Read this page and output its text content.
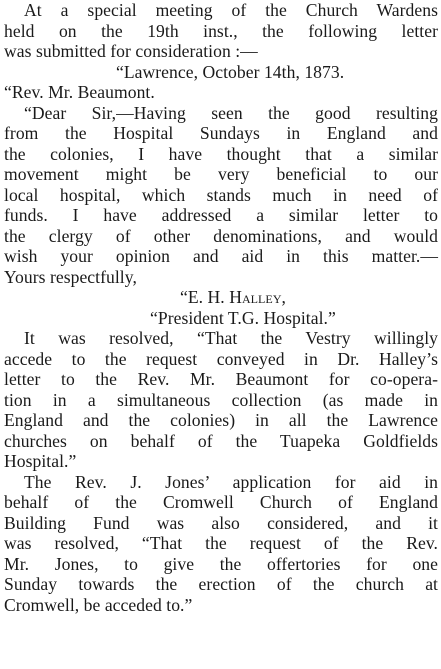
At a special meeting of the Church Wardens
held on the 19th inst., the following letter
was submitted for consideration :—
“Lawrence, October 14th, 1873.
“Rev. Mr. Beaumont.
“Dear Sir,—Having seen the good resulting
from the Hospital Sundays in England and
the colonies, I have thought that a similar
movement might be very beneficial to our
local hospital, which stands much in need of
funds. I have addressed a similar letter to
the clergy of other denominations, and would
wish your opinion and aid in this matter.—
Yours respectfully,
“E. H. Halley,
“President T.G. Hospital.”
It was resolved, “That the Vestry willingly
accede to the request conveyed in Dr. Halley’s
letter to the Rev. Mr. Beaumont for co-opera-
tion in a simultaneous collection (as made in
England and the colonies) in all the Lawrence
churches on behalf of the Tuapeka Goldfields
Hospital.”
The Rev. J. Jones’ application for aid in
behalf of the Cromwell Church of England
Building Fund was also considered, and it
was resolved, “That the request of the Rev.
Mr. Jones, to give the offertories for one
Sunday towards the erection of the church at
Cromwell, be acceded to.”
